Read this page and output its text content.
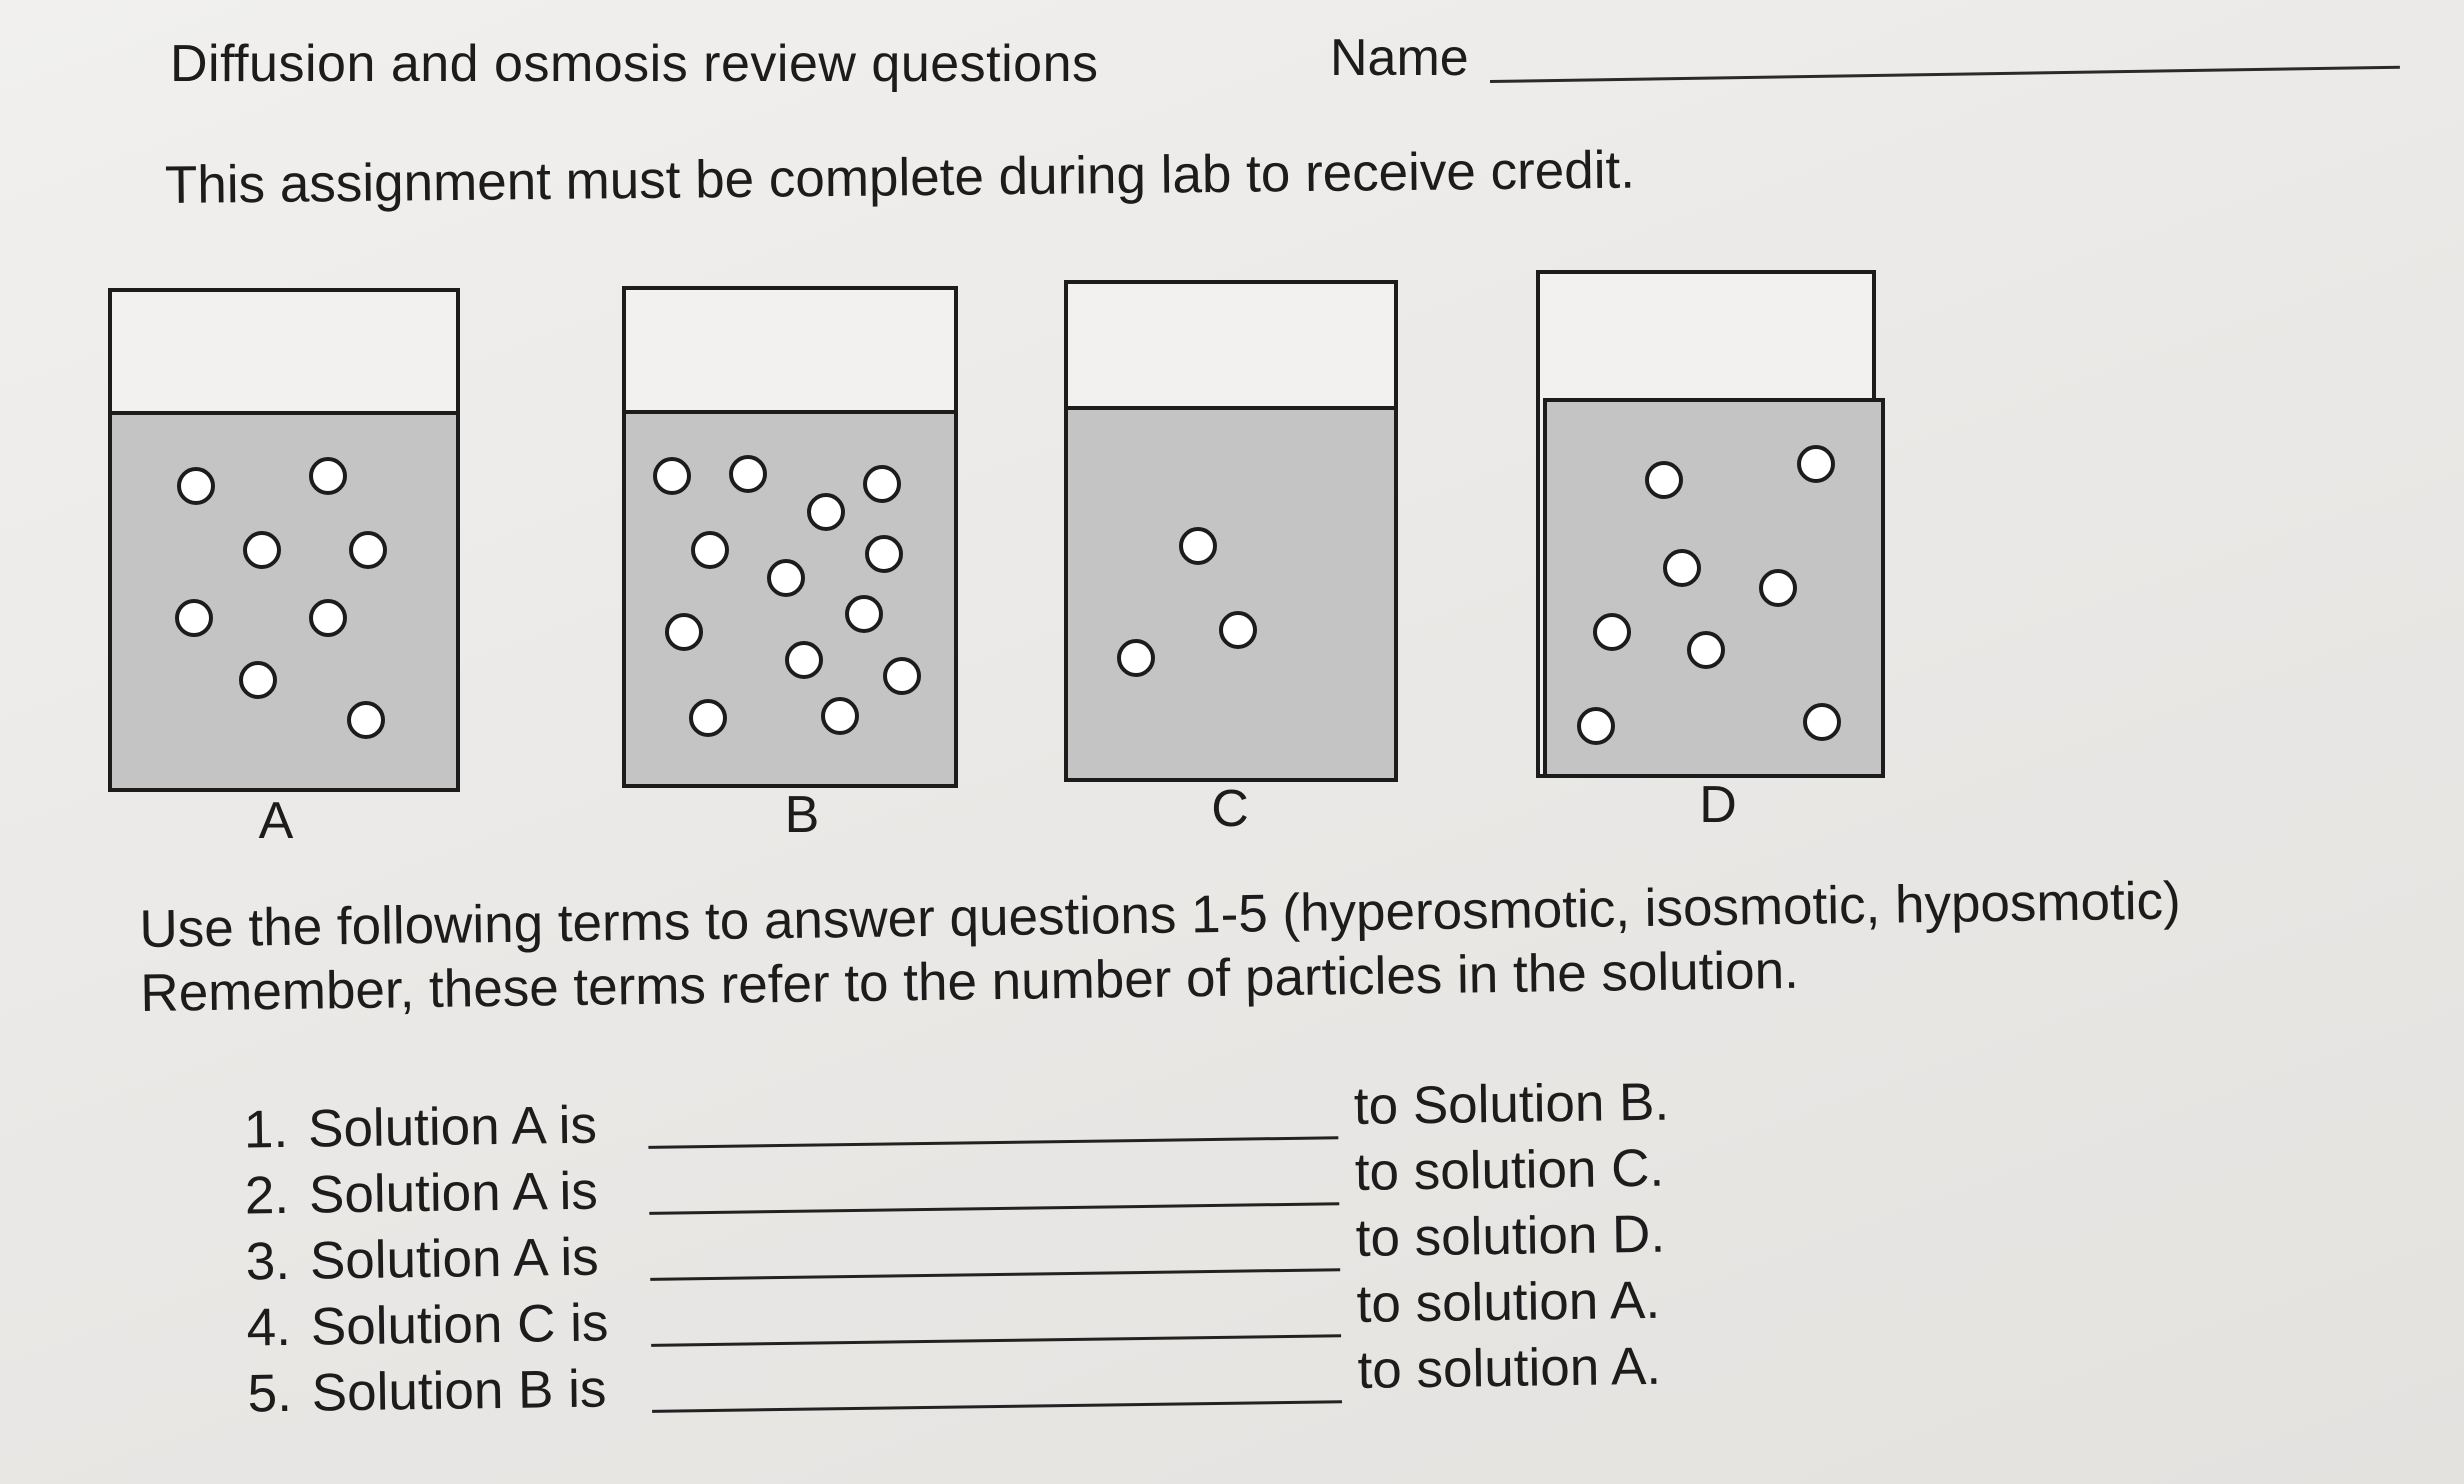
Diffusion and osmosis review questions	Name
This assignment must be complete during lab to receive credit.
A	B	C	D
Use the following terms to answer questions 1-5 (hyperosmotic, isosmotic, hyposmotic)
Remember, these terms refer to the number of particles in the solution.
1. Solution A is	to Solution B.
2. Solution A is	to solution C.
3. Solution A is	to solution D.
4. Solution C is	to solution A.
5. Solution B is	to solution A.
